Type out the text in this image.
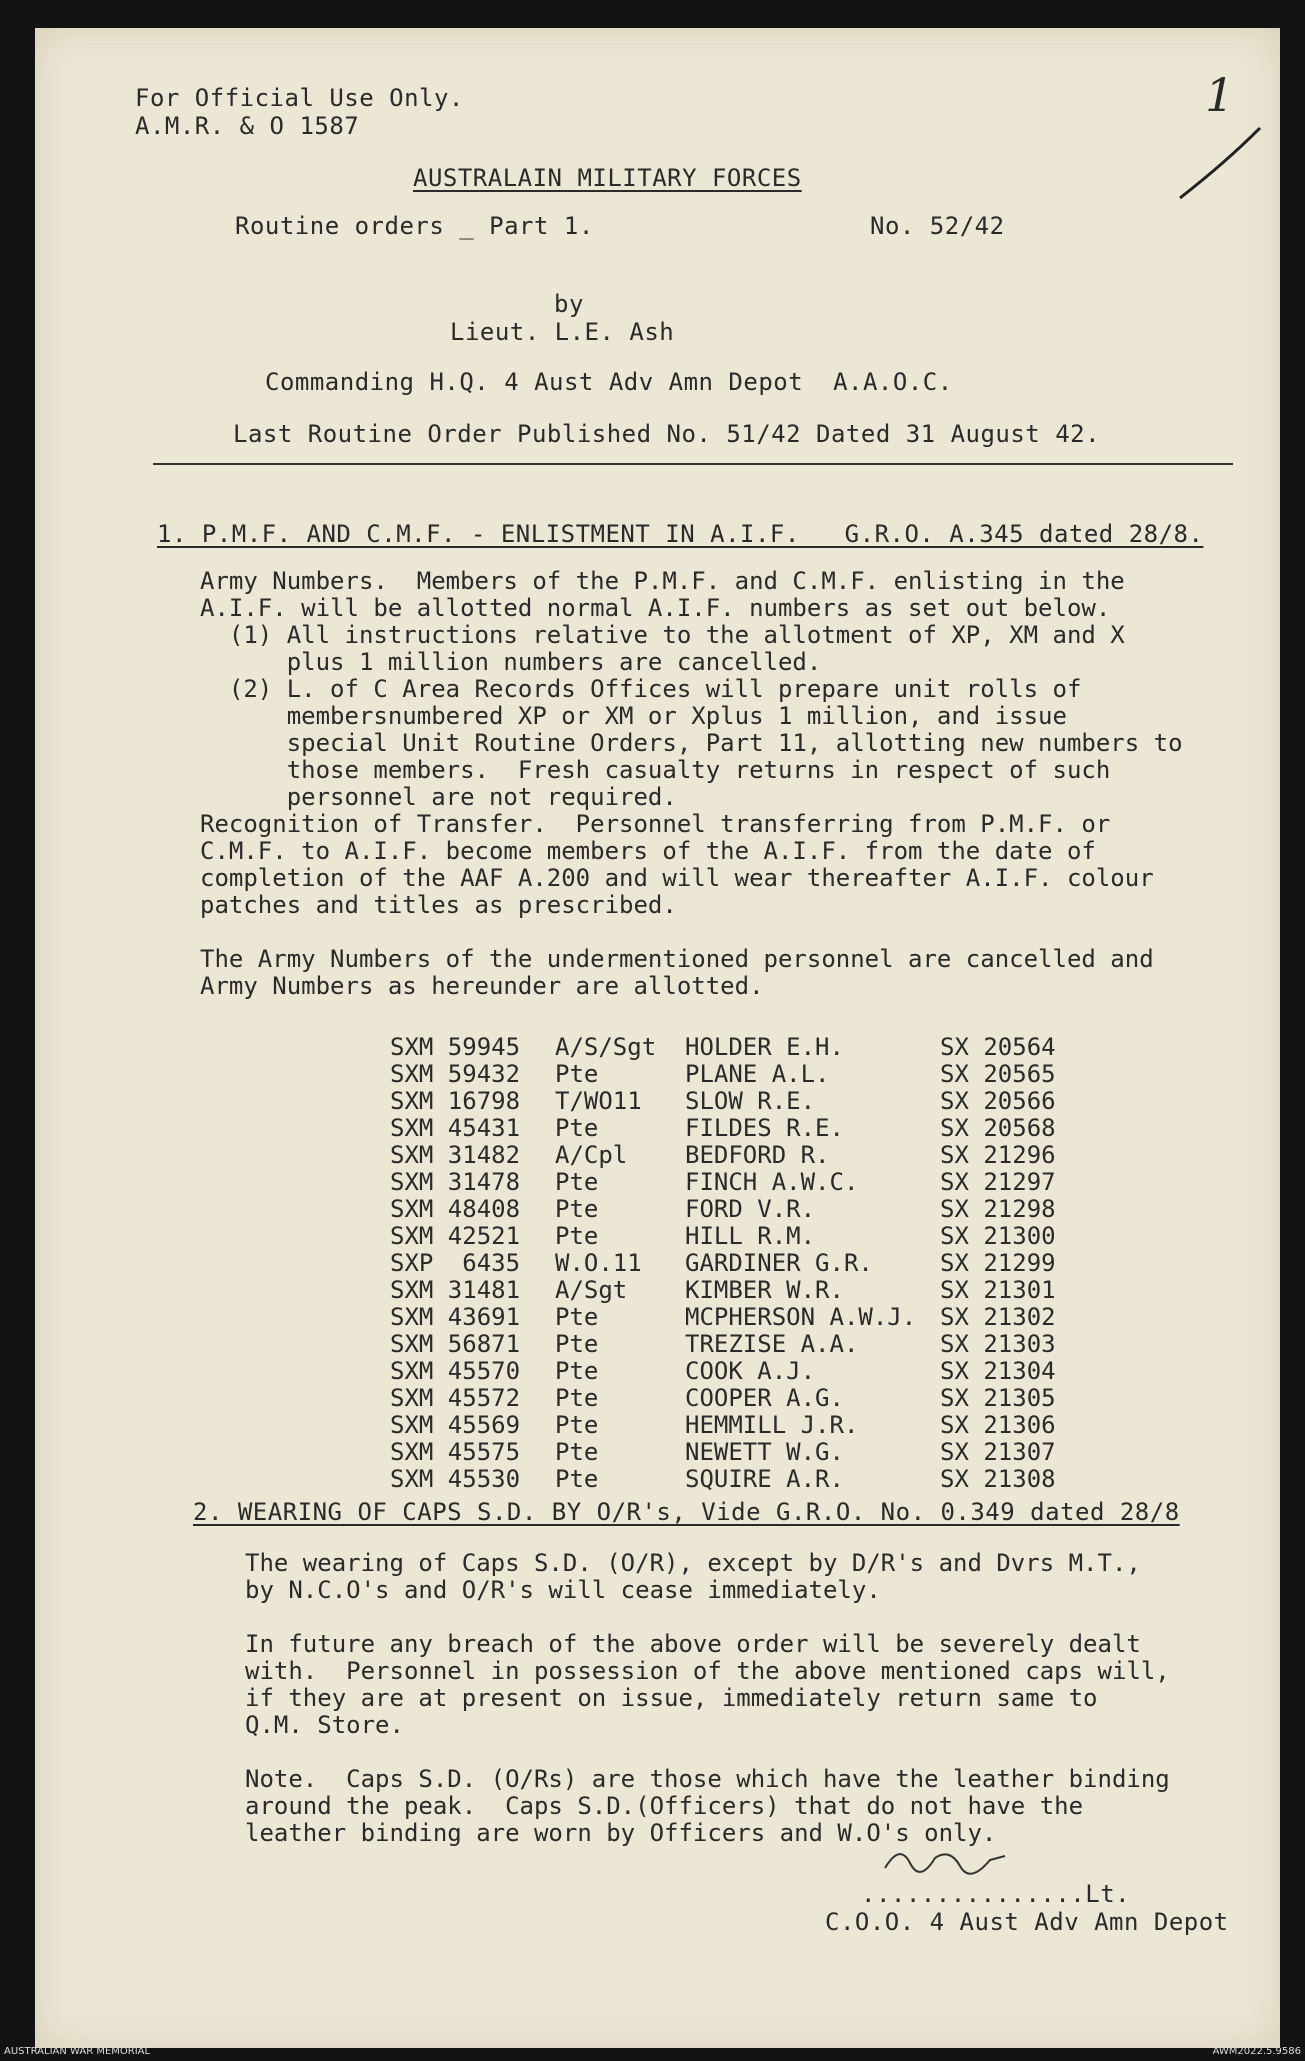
For Official Use Only.
A.M.R. & O 1587
1
AUSTRALAIN MILITARY FORCES
Routine orders _ Part 1.	No. 52/42
by
Lieut. L.E. Ash
Commanding H.Q. 4 Aust Adv Amn Depot  A.A.O.C.
Last Routine Order Published No. 51/42 Dated 31 August 42.
1. P.M.F. AND C.M.F. - ENLISTMENT IN A.I.F.   G.R.O. A.345 dated 28/8.
Army Numbers.  Members of the P.M.F. and C.M.F. enlisting in the
A.I.F. will be allotted normal A.I.F. numbers as set out below.
(1) All instructions relative to the allotment of XP, XM and X
plus 1 million numbers are cancelled.
(2) L. of C Area Records Offices will prepare unit rolls of
membersnumbered XP or XM or Xplus 1 million, and issue
special Unit Routine Orders, Part 11, allotting new numbers to
those members.  Fresh casualty returns in respect of such
personnel are not required.
Recognition of Transfer.  Personnel transferring from P.M.F. or
C.M.F. to A.I.F. become members of the A.I.F. from the date of
completion of the AAF A.200 and will wear thereafter A.I.F. colour
patches and titles as prescribed.
The Army Numbers of the undermentioned personnel are cancelled and
Army Numbers as hereunder are allotted.
SXM 59945 A/S/Sgt HOLDER E.H.	SX 20564
SXM 59432 Pte	PLANE A.L.	SX 20565
SXM 16798 T/WO11 SLOW R.E.	SX 20566
SXM 45431 Pte	FILDES R.E.	SX 20568
SXM 31482 A/Cpl BEDFORD R.	SX 21296
SXM 31478 Pte	FINCH A.W.C.	SX 21297
SXM 48408 Pte	FORD V.R.	SX 21298
SXM 42521 Pte	HILL R.M.	SX 21300
SXP  6435 W.O.11 GARDINER G.R.	SX 21299
SXM 31481 A/Sgt KIMBER W.R.	SX 21301
SXM 43691 Pte	MCPHERSON A.W.J. SX 21302
SXM 56871 Pte	TREZISE A.A.	SX 21303
SXM 45570 Pte	COOK A.J.	SX 21304
SXM 45572 Pte	COOPER A.G.	SX 21305
SXM 45569 Pte	HEMMILL J.R.	SX 21306
SXM 45575 Pte	NEWETT W.G.	SX 21307
SXM 45530 Pte	SQUIRE A.R.	SX 21308
2. WEARING OF CAPS S.D. BY O/R's, Vide G.R.O. No. 0.349 dated 28/8
The wearing of Caps S.D. (O/R), except by D/R's and Dvrs M.T.,
by N.C.O's and O/R's will cease immediately.
In future any breach of the above order will be severely dealt
with.  Personnel in possession of the above mentioned caps will,
if they are at present on issue, immediately return same to
Q.M. Store.
Note.  Caps S.D. (O/Rs) are those which have the leather binding
around the peak.  Caps S.D.(Officers) that do not have the
leather binding are worn by Officers and W.O's only.
...............Lt.
C.O.O. 4 Aust Adv Amn Depot
AUSTRALIAN WAR MEMORIAL	AWM2022.5.9586
